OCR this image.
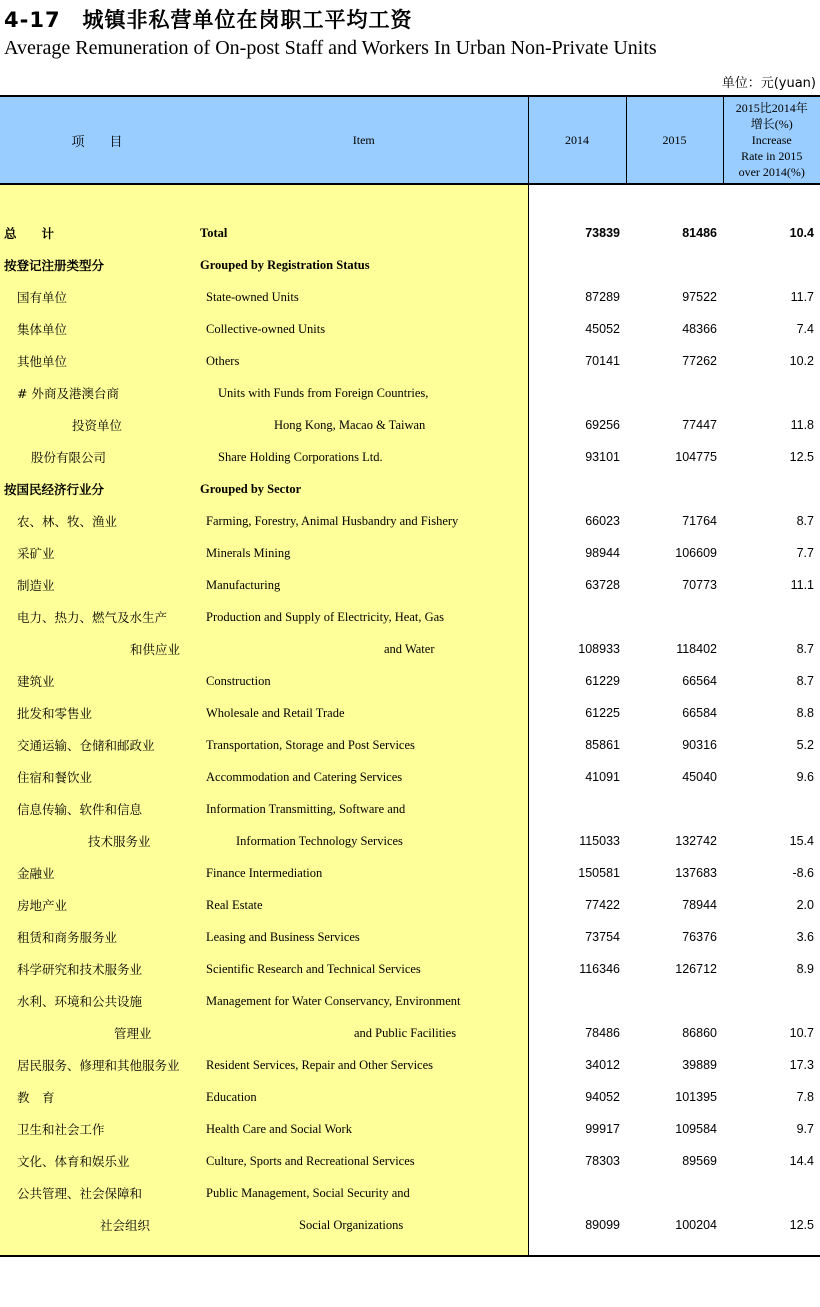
4-17　城镇非私营单位在岗职工平均工资
Average Remuneration of On-post Staff and Workers In Urban Non-Private Units
单位：元(yuan)
项　目	Item	2014	2015	2015比2014年
增长(%)
Increase
Rate in 2015
over 2014(%)

总　　计	Total	73839	81486	10.4
按登记注册类型分	Grouped by Registration Status			
国有单位	State-owned Units	87289	97522	11.7
集体单位	Collective-owned Units	45052	48366	7.4
其他单位	Others	70141	77262	10.2
# 外商及港澳台商	Units with Funds from Foreign Countries,			
投资单位	Hong Kong, Macao & Taiwan	69256	77447	11.8
股份有限公司	Share Holding Corporations Ltd.	93101	104775	12.5
按国民经济行业分	Grouped by Sector			
农、林、牧、渔业	Farming, Forestry, Animal Husbandry and Fishery	66023	71764	8.7
采矿业	Minerals Mining	98944	106609	7.7
制造业	Manufacturing	63728	70773	11.1
电力、热力、燃气及水生产	Production and Supply of Electricity, Heat, Gas			
和供应业	and Water	108933	118402	8.7
建筑业	Construction	61229	66564	8.7
批发和零售业	Wholesale and Retail Trade	61225	66584	8.8
交通运输、仓储和邮政业	Transportation, Storage and Post Services	85861	90316	5.2
住宿和餐饮业	Accommodation and Catering Services	41091	45040	9.6
信息传输、软件和信息	Information Transmitting, Software and			
技术服务业	Information Technology Services	115033	132742	15.4
金融业	Finance Intermediation	150581	137683	-8.6
房地产业	Real Estate	77422	78944	2.0
租赁和商务服务业	Leasing and Business Services	73754	76376	3.6
科学研究和技术服务业	Scientific Research and Technical Services	116346	126712	8.9
水利、环境和公共设施	Management for Water Conservancy, Environment			
管理业	and Public Facilities	78486	86860	10.7
居民服务、修理和其他服务业	Resident Services, Repair and Other Services	34012	39889	17.3
教　育	Education	94052	101395	7.8
卫生和社会工作	Health Care and Social Work	99917	109584	9.7
文化、体育和娱乐业	Culture, Sports and Recreational Services	78303	89569	14.4
公共管理、社会保障和	Public Management, Social Security and			
社会组织	Social Organizations	89099	100204	12.5
